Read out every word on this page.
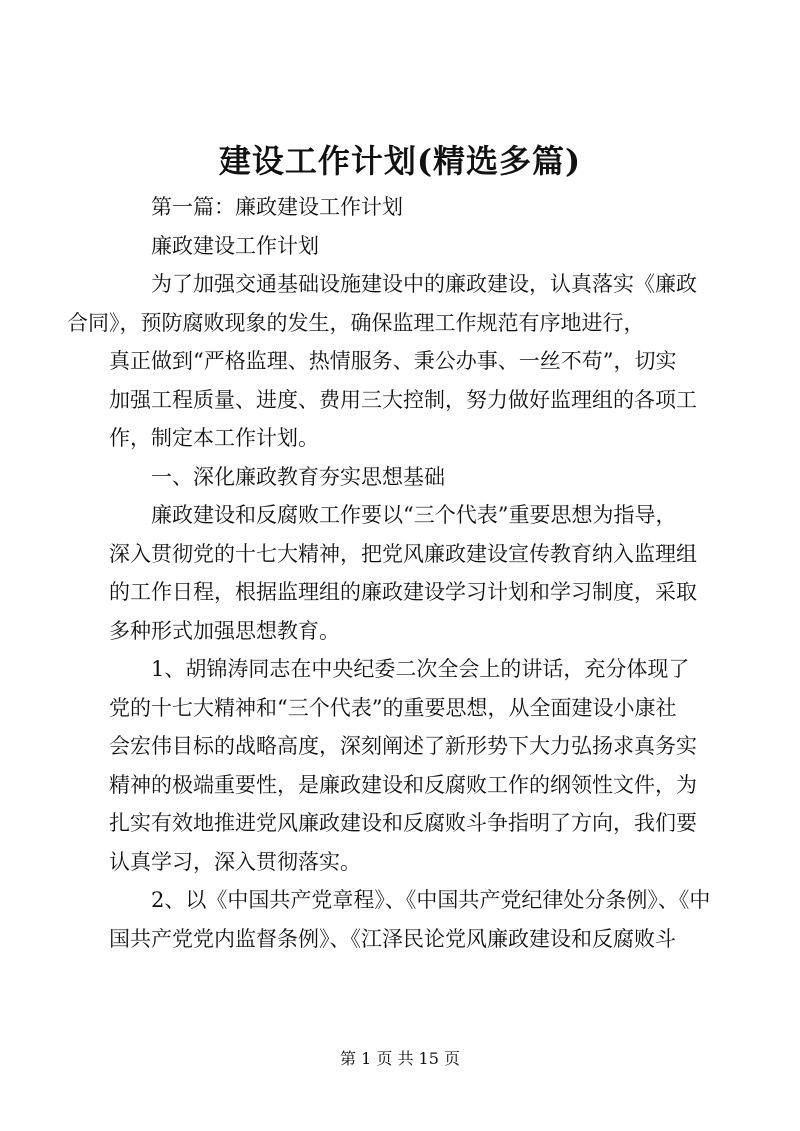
建设工作计划(精选多篇)

第一篇：廉政建设工作计划

廉政建设工作计划

为了加强交通基础设施建设中的廉政建设，认真落实《廉政
合同》，预防腐败现象的发生，确保监理工作规范有序地进行，
真正做到“严格监理、热情服务、秉公办事、一丝不苟”，切实
加强工程质量、进度、费用三大控制，努力做好监理组的各项工
作，制定本工作计划。

一、深化廉政教育夯实思想基础

廉政建设和反腐败工作要以“三个代表”重要思想为指导，
深入贯彻党的十七大精神，把党风廉政建设宣传教育纳入监理组
的工作日程，根据监理组的廉政建设学习计划和学习制度，采取
多种形式加强思想教育。

1、胡锦涛同志在中央纪委二次全会上的讲话，充分体现了
党的十七大精神和“三个代表”的重要思想，从全面建设小康社
会宏伟目标的战略高度，深刻阐述了新形势下大力弘扬求真务实
精神的极端重要性，是廉政建设和反腐败工作的纲领性文件，为
扎实有效地推进党风廉政建设和反腐败斗争指明了方向，我们要
认真学习，深入贯彻落实。

2、以《中国共产党章程》、《中国共产党纪律处分条例》、《中
国共产党党内监督条例》、《江泽民论党风廉政建设和反腐败斗

第 1 页 共 15 页
